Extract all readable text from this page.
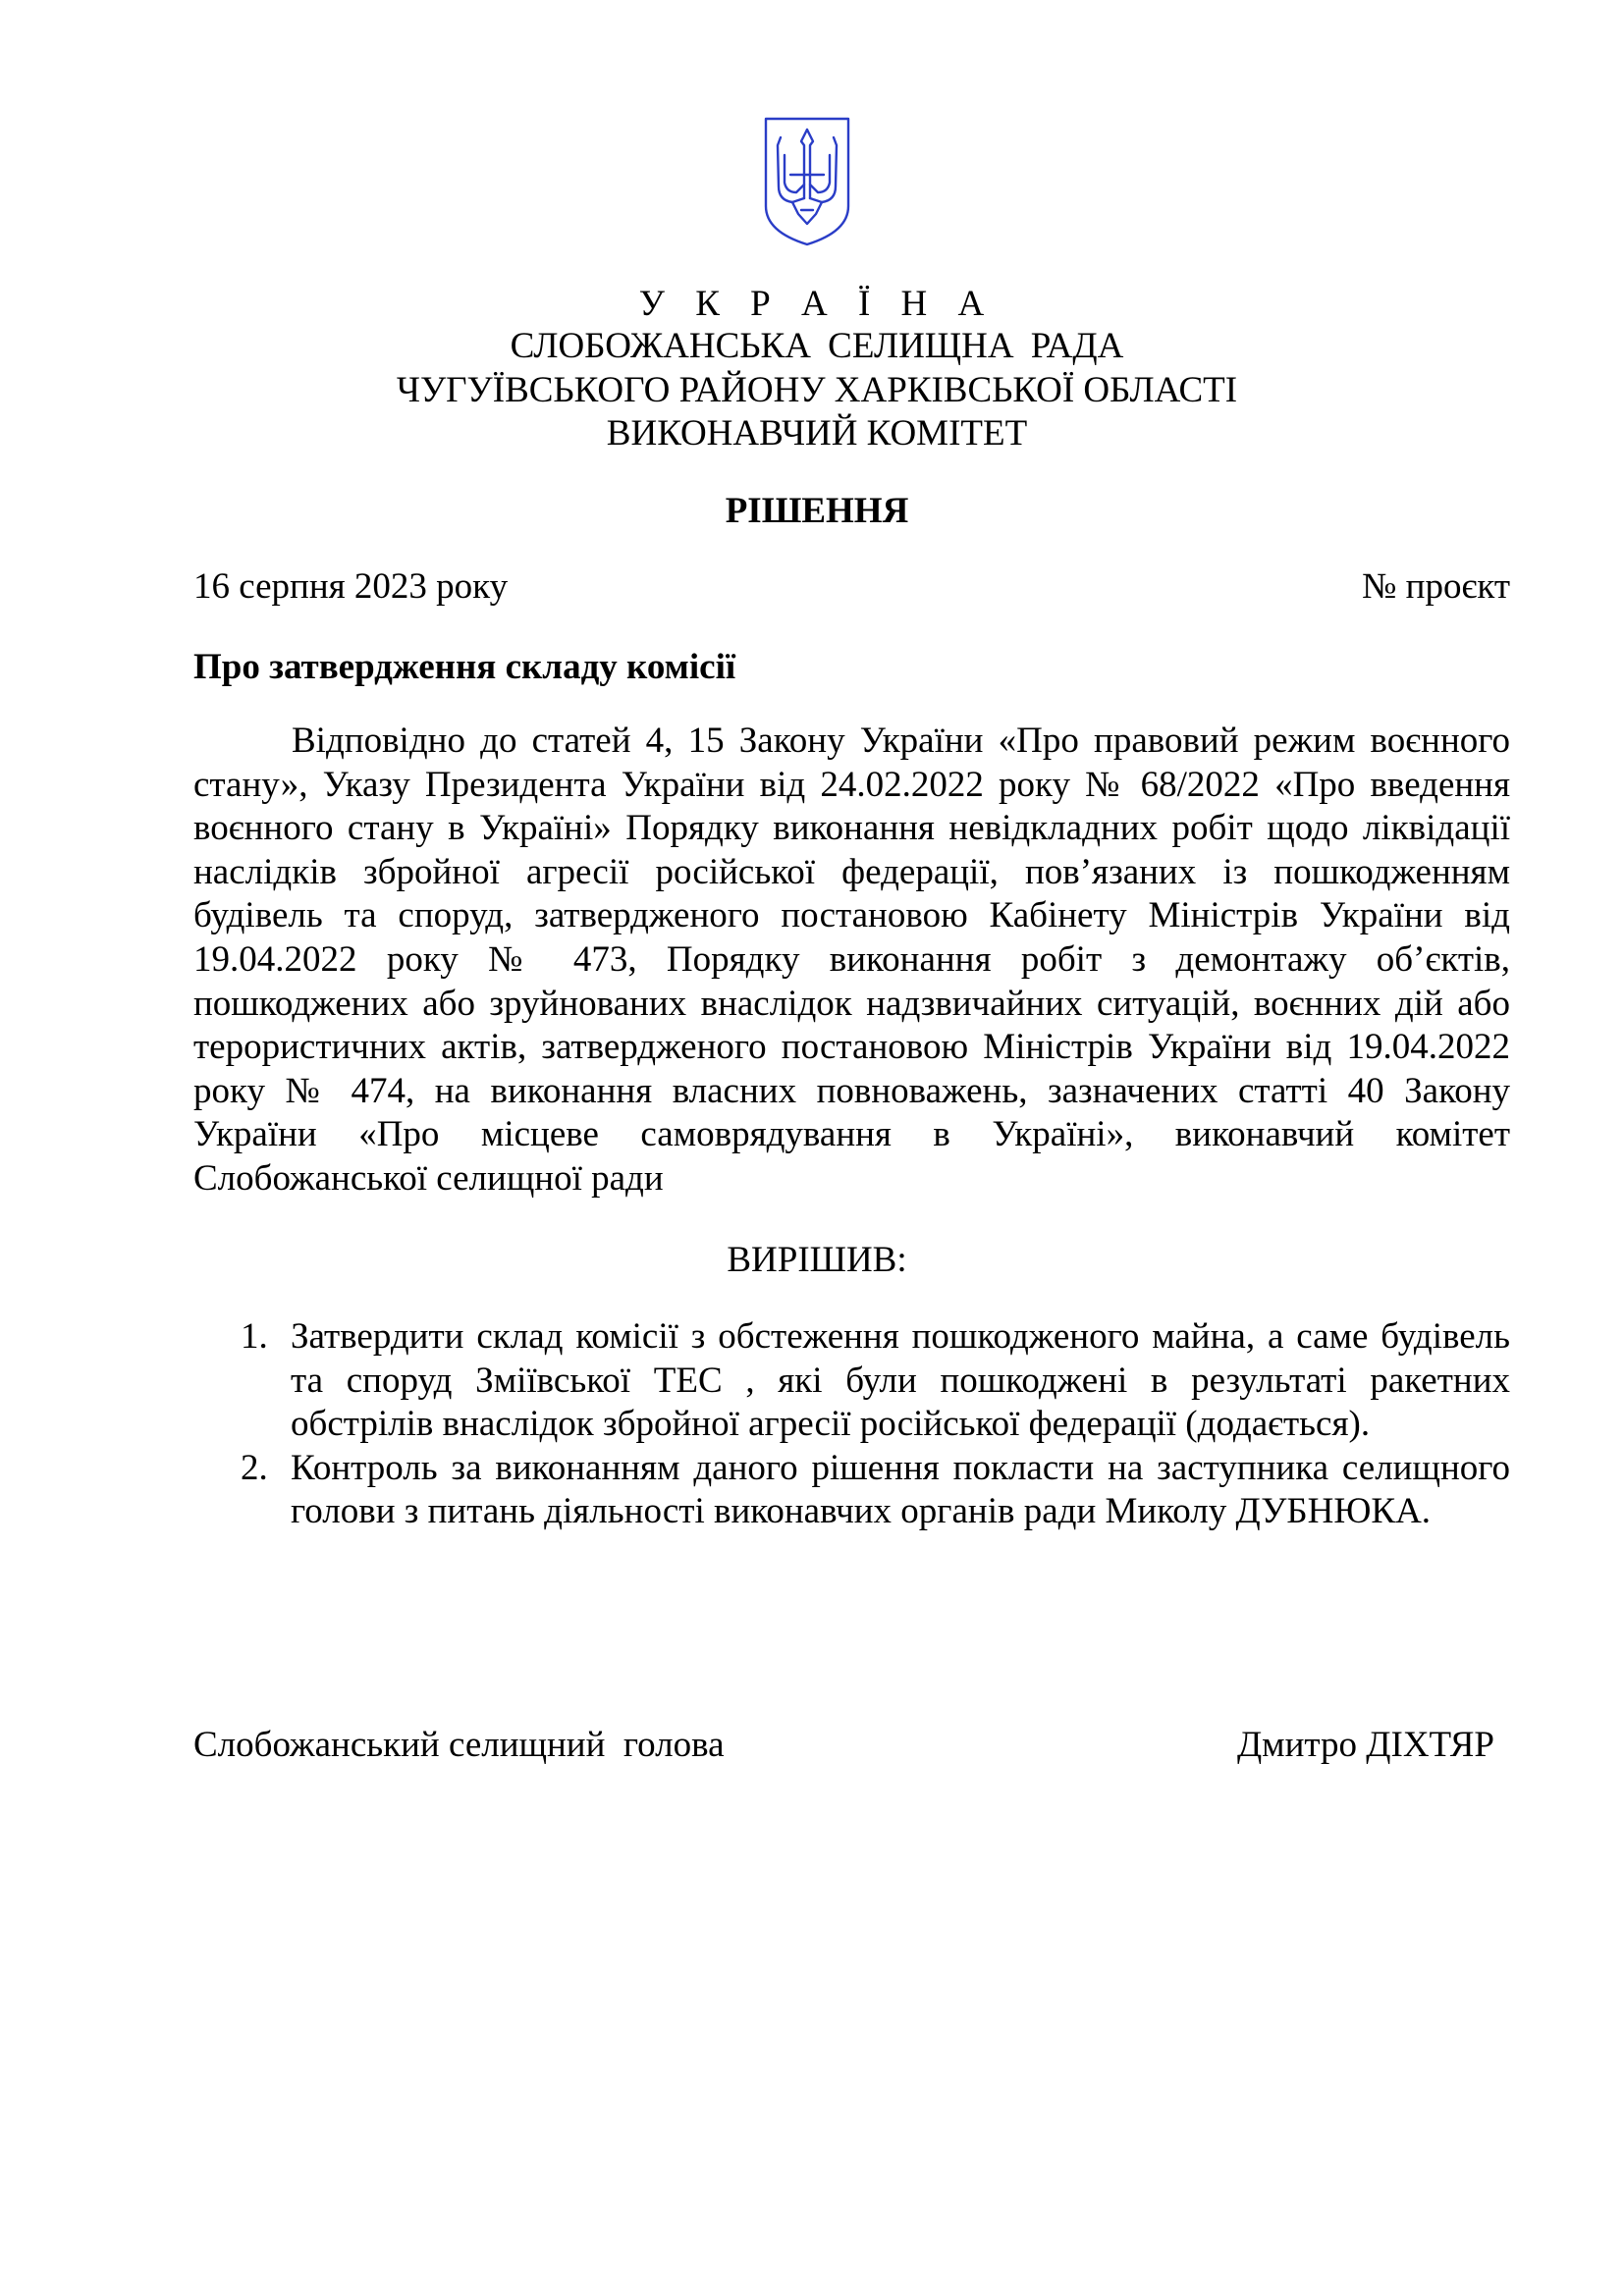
У К Р А Ї Н А
СЛОБОЖАНСЬКА СЕЛИЩНА РАДА
ЧУГУЇВСЬКОГО РАЙОНУ ХАРКІВСЬКОЇ ОБЛАСТІ
ВИКОНАВЧИЙ КОМІТЕТ
РІШЕННЯ
16 серпня 2023 року	№ проєкт
Про затвердження складу комісії
Відповідно до статей 4, 15 Закону України «Про правовий режим воєнного стану», Указу Президента України від 24.02.2022 року № 68/2022 «Про введення воєнного стану в Україні» Порядку виконання невідкладних робіт щодо ліквідації наслідків збройної агресії російської федерації, пов’язаних із пошкодженням будівель та споруд, затвердженого постановою Кабінету Міністрів України від 19.04.2022 року № 473, Порядку виконання робіт з демонтажу об’єктів, пошкоджених або зруйнованих внаслідок надзвичайних ситуацій, воєнних дій або терористичних актів, затвердженого постановою Міністрів України від 19.04.2022 року № 474, на виконання власних повноважень, зазначених статті 40 Закону України «Про місцеве самоврядування в Україні», виконавчий комітет Слобожанської селищної ради
ВИРІШИВ:
1. Затвердити склад комісії з обстеження пошкодженого майна, а саме будівель та споруд Зміївської ТЕС , які були пошкоджені в результаті ракетних обстрілів внаслідок збройної агресії російської федерації (додається).
2. Контроль за виконанням даного рішення покласти на заступника селищного голови з питань діяльності виконавчих органів ради Миколу ДУБНЮКА.
Слобожанський селищний  голова	Дмитро ДІХТЯР
